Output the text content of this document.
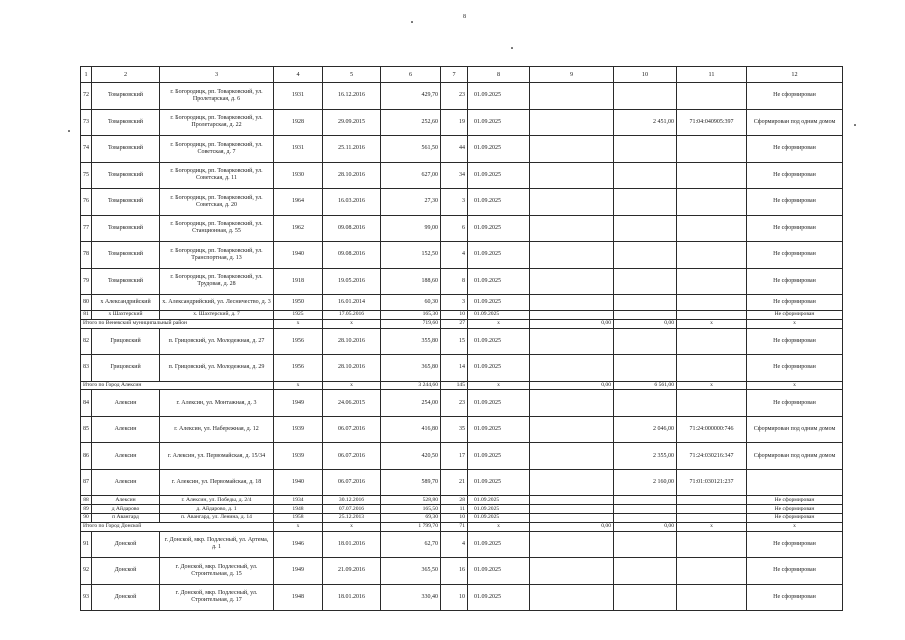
8
1	2	3	4	5	6	7	8	9	10	11	12
72	Товарковский	г. Богородицк, рп. Товарковский, ул. Пролетарская, д. 6	1931	16.12.2016	429,70	23	01.09.2025				Не сформирован
73	Товарковский	г. Богородицк, рп. Товарковский, ул. Пролетарская, д. 22	1928	29.09.2015	252,60	19	01.09.2025		2 451,00	71:04:040905:397	Сформирован под одним домом
74	Товарковский	г. Богородицк, рп. Товарковский, ул. Советская, д. 7	1931	25.11.2016	561,50	44	01.09.2025				Не сформирован
75	Товарковский	г. Богородицк, рп. Товарковский, ул. Советская, д. 11	1930	28.10.2016	627,00	34	01.09.2025				Не сформирован
76	Товарковский	г. Богородицк, рп. Товарковский, ул. Советская, д. 20	1964	16.03.2016	27,30	3	01.09.2025				Не сформирован
77	Товарковский	г. Богородицк, рп. Товарковский, ул. Станционная, д. 55	1962	09.08.2016	99,00	6	01.09.2025				Не сформирован
78	Товарковский	г. Богородицк, рп. Товарковский, ул. Транспортная, д. 13	1940	09.08.2016	152,50	4	01.09.2025				Не сформирован
79	Товарковский	г. Богородицк, рп. Товарковский, ул. Трудовая, д. 28	1918	19.05.2016	188,60	8	01.09.2025				Не сформирован
80	х Александрийский	х. Александрийский, ул. Лесничество, д. 3	1950	16.01.2014	60,30	3	01.09.2025				Не сформирован
81	х Шахтерский	х. Шахтерский, д. 7	1925	17.05.2016	165,30	10	01.09.2025				Не сформирован
Итого по Веневский муниципальный район			х	х	719,60	27	х	0,00	0,00	х	х
82	Грицовский	п. Грицовский, ул. Молодежная, д. 27	1956	28.10.2016	355,80	15	01.09.2025				Не сформирован
83	Грицовский	п. Грицовский, ул. Молодежная, д. 29	1956	28.10.2016	365,80	14	01.09.2025				Не сформирован
Итого по Город Алексин			х	х	3 244,60	145	х	0,00	6 561,00	х	х
84	Алексин	г. Алексин, ул. Монтажная, д. 3	1949	24.06.2015	254,00	23	01.09.2025				Не сформирован
85	Алексин	г. Алексин, ул. Набережная, д. 12	1939	06.07.2016	416,80	35	01.09.2025		2 046,00	71:24:000000:746	Сформирован под одним домом
86	Алексин	г. Алексин, ул. Первомайская, д. 15/34	1939	06.07.2016	420,50	17	01.09.2025		2 355,00	71:24:030216:347	Сформирован под одним домом
87	Алексин	г. Алексин, ул. Первомайская, д. 18	1940	06.07.2016	589,70	21	01.09.2025		2 160,00	71:01:030121:237	
88	Алексин	г. Алексин, ул. Победы, д. 2/4	1934	30.12.2016	528,80	28	01.09.2025				Не сформирован
89	д Айдарово	д. Айдарово, д. 1	1948	07.07.2016	165,50	11	01.09.2025				Не сформирован
90	п Авангард	п. Авангард, ул. Ленина, д. 14	1958	25.12.2013	69,30	10	01.09.2025				Не сформирован
Итого по Город Донской			х	х	1 799,70	71	х	0,00	0,00	х	х
91	Донской	г. Донской, мкр. Подлесный, ул. Артема, д. 1	1946	18.01.2016	62,70	4	01.09.2025				Не сформирован
92	Донской	г. Донской, мкр. Подлесный, ул. Строительная, д. 15	1949	21.09.2016	365,50	16	01.09.2025				Не сформирован
93	Донской	г. Донской, мкр. Подлесный, ул. Строительная, д. 17	1948	18.01.2016	330,40	10	01.09.2025				Не сформирован
